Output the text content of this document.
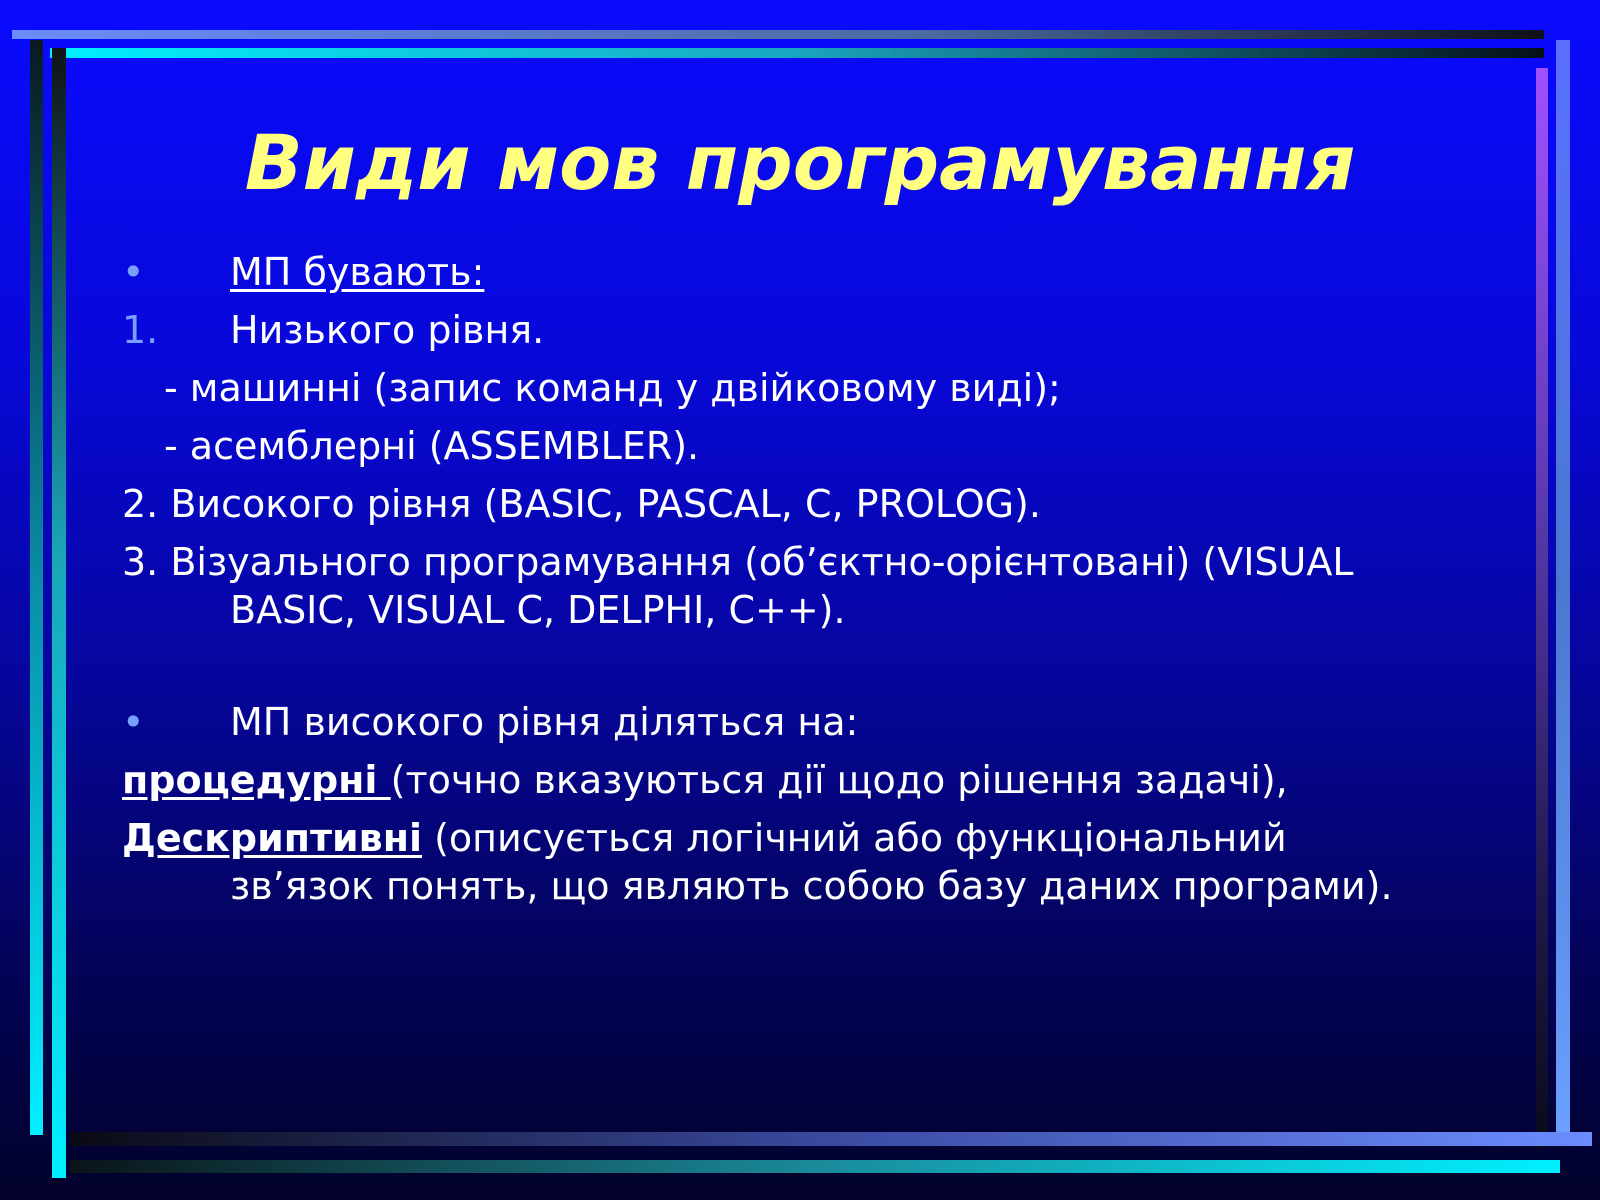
Види мов програмування
• МП бувають:
1. Низького рівня.
- машинні (запис команд у двійковому виді);
- асемблерні (ASSEMBLER).
2. Високого рівня (BASIC, PASCAL, C, PROLOG).
3. Візуального програмування (об’єктно-орієнтовані) (VISUAL
BASIC, VISUAL C, DELPHI, C++).
• МП високого рівня діляться на:
процедурні (точно вказуються дії щодо рішення задачі),
Дескриптивні (описується логічний або функціональний
зв’язок понять, що являють собою базу даних програми).
